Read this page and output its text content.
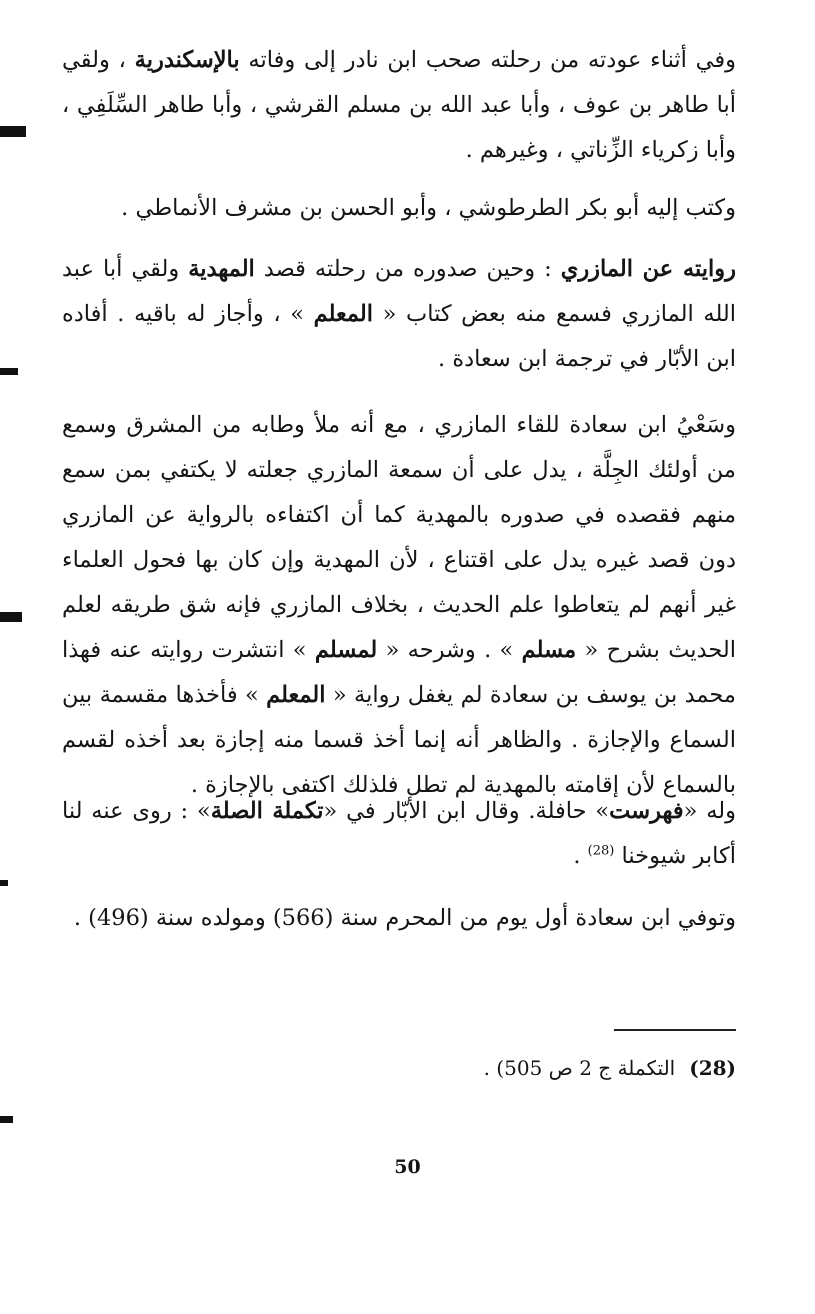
وفي أثناء عودته من رحلته صحب ابن نادر إلى وفاته بالإسكندرية ، ولقي أبا طاهر بن عوف ، وأبا عبد الله بن مسلم القرشي ، وأبا طاهر السِّلَفِي ، وأبا زكرياء الزِّناتي ، وغيرهم .

وكتب إليه أبو بكر الطرطوشي ، وأبو الحسن بن مشرف الأنماطي .

روايته عن المازري : وحين صدوره من رحلته قصد المهدية ولقي أبا عبد الله المازري فسمع منه بعض كتاب « المعلم » ، وأجاز له باقيه . أفاده ابن الأبّار في ترجمة ابن سعادة .

وسَعْيُ ابن سعادة للقاء المازري ، مع أنه ملأ وطابه من المشرق وسمع من أولئك الجِلَّة ، يدل على أن سمعة المازري جعلته لا يكتفي بمن سمع منهم فقصده في صدوره بالمهدية كما أن اكتفاءه بالرواية عن المازري دون قصد غيره يدل على اقتناع ، لأن المهدية وإن كان بها فحول العلماء غير أنهم لم يتعاطوا علم الحديث ، بخلاف المازري فإنه شق طريقه لعلم الحديث بشرح « مسلم » . وشرحه « لمسلم » انتشرت روايته عنه فهذا محمد بن يوسف بن سعادة لم يغفل رواية « المعلم » فأخذها مقسمة بين السماع والإجازة . والظاهر أنه إنما أخذ قسما منه إجازة بعد أخذه لقسم بالسماع لأن إقامته بالمهدية لم تطل فلذلك اكتفى بالإجازة .

وله «فهرست» حافلة. وقال ابن الأبّار في «تكملة الصلة» : روى عنه لنا أكابر شيوخنا $^{(28)}$ .

وتوفي ابن سعادة أول يوم من المحرم سنة (566) ومولده سنة (496) .

(28)التكملة ج 2 ص 505) .
50
